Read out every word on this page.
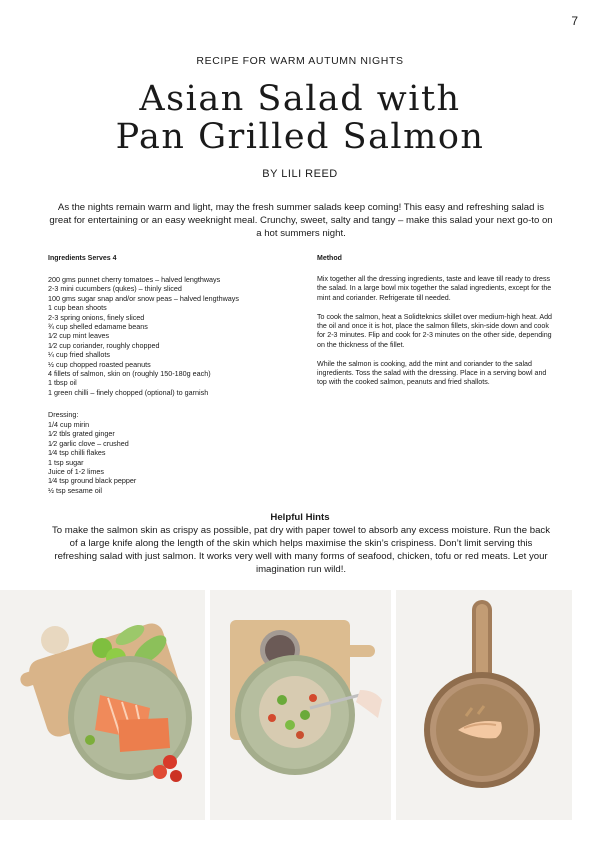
7
RECIPE FOR WARM AUTUMN NIGHTS
Asian Salad with
Pan Grilled Salmon
BY LILI REED
As the nights remain warm and light, may the fresh summer salads keep coming! This easy and refreshing salad is great for entertaining or an easy weeknight meal. Crunchy, sweet, salty and tangy – make this salad your next go-to on a hot summers night.
Ingredients Serves 4
200 gms punnet cherry tomatoes – halved lengthways
2-3 mini cucumbers (qukes) – thinly sliced
100 gms sugar snap and/or snow peas – halved lengthways
1 cup bean shoots
2-3 spring onions, finely sliced
¾ cup shelled edamame beans
1⁄2 cup mint leaves
1⁄2 cup coriander, roughly chopped
¼ cup fried shallots
½ cup chopped roasted peanuts
4 fillets of salmon, skin on (roughly 150-180g each)
1 tbsp oil
1 green chilli – finely chopped (optional) to garnish
Dressing:
1/4 cup mirin
1⁄2 tbls grated ginger
1⁄2 garlic clove – crushed
1⁄4 tsp chilli flakes
1 tsp sugar
Juice of 1-2 limes
1⁄4 tsp ground black pepper
½ tsp sesame oil
Method

Mix together all the dressing ingredients, taste and leave till ready to dress the salad. In a large bowl mix together the salad ingredients, except for the mint and coriander. Refrigerate till needed.

To cook the salmon, heat a Solidteknics skillet over medium-high heat. Add the oil and once it is hot, place the salmon fillets, skin-side down and cook for 2-3 minutes. Flip and cook for 2-3 minutes on the other side, depending on the thickness of the fillet.

While the salmon is cooking, add the mint and coriander to the salad ingredients. Toss the salad with the dressing. Place in a serving bowl and top with the cooked salmon, peanuts and fried shallots.

Helpful Hints
To make the salmon skin as crispy as possible, pat dry with paper towel to absorb any excess moisture. Run the back of a large knife along the length of the skin which helps maximise the skin’s crispiness. Don’t limit serving this refreshing salad with just salmon. It works very well with many forms of seafood, chicken, tofu or red meats. Let your imagination run wild!.
